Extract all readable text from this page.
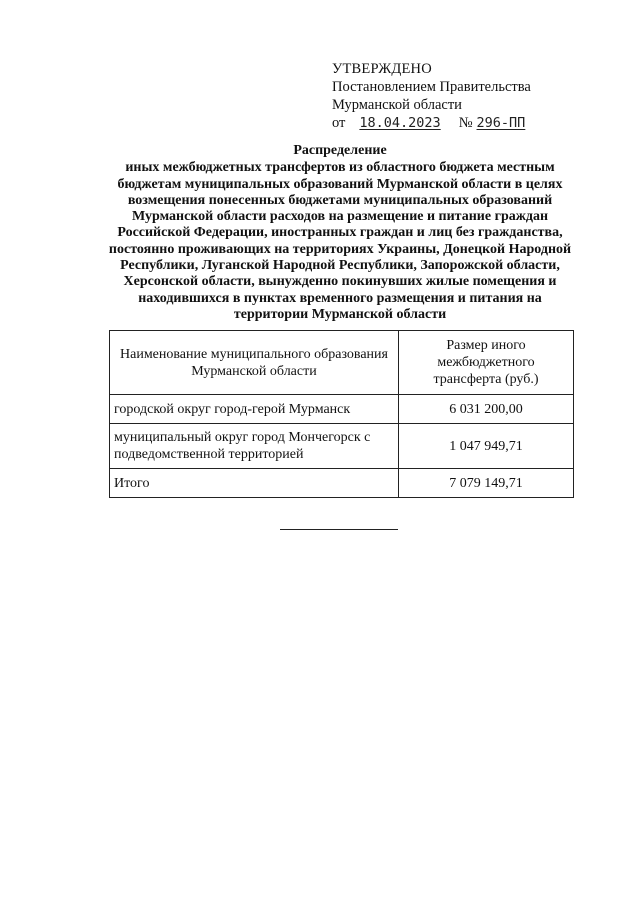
УТВЕРЖДЕНО
Постановлением Правительства
Мурманской области
от	18.04.2023	№ 296-ПП
Распределение
иных межбюджетных трансфертов из областного бюджета местным
бюджетам муниципальных образований Мурманской области в целях
возмещения понесенных бюджетами муниципальных образований
Мурманской области расходов на размещение и питание граждан
Российской Федерации, иностранных граждан и лиц без гражданства,
постоянно проживающих на территориях Украины, Донецкой Народной
Республики, Луганской Народной Республики, Запорожской области,
Херсонской области, вынужденно покинувших жилые помещения и
находившихся в пунктах временного размещения и питания на
территории Мурманской области
Наименование муниципального образования Мурманской области	Размер иного межбюджетного трансферта (руб.)
городской округ город-герой Мурманск	6 031 200,00
муниципальный округ город Мончегорск с подведомственной территорией	1 047 949,71
Итого	7 079 149,71
